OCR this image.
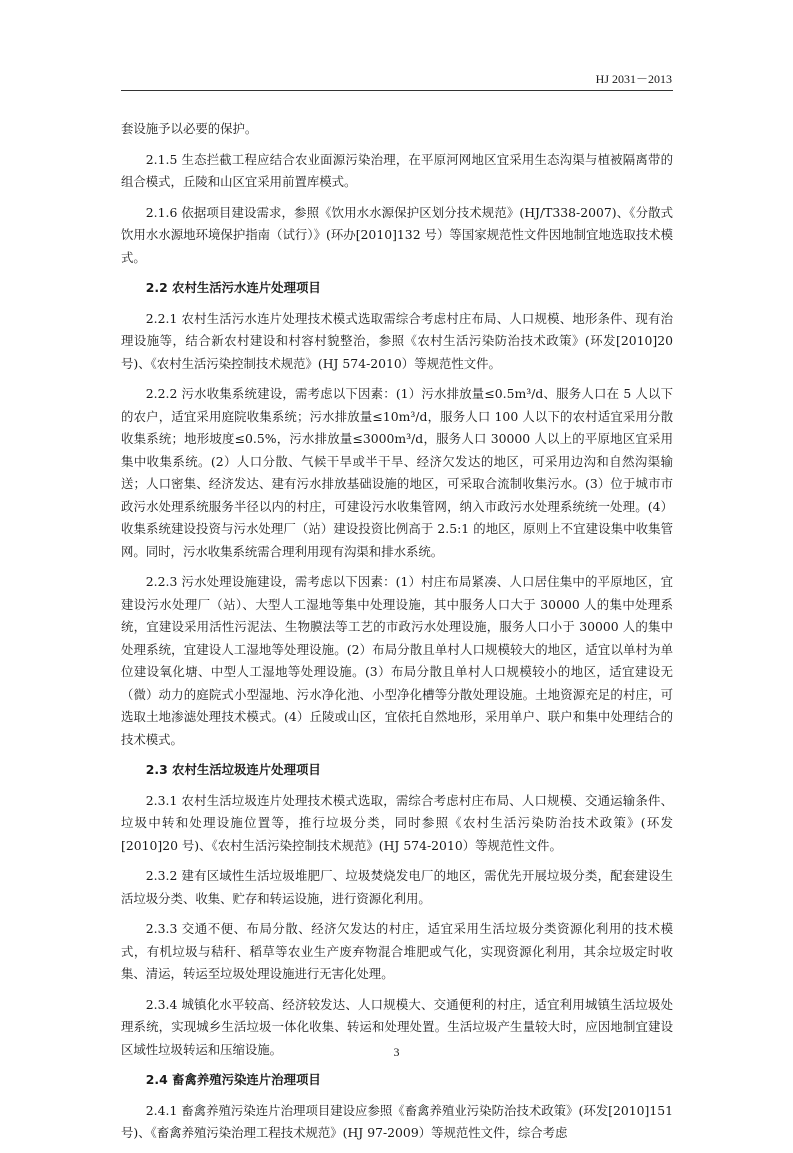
HJ 2031－2013

套设施予以必要的保护。

2.1.5 生态拦截工程应结合农业面源污染治理，在平原河网地区宜采用生态沟渠与植被隔离带的组合模式，丘陵和山区宜采用前置库模式。

2.1.6 依据项目建设需求，参照《饮用水水源保护区划分技术规范》(HJ/T338-2007)、《分散式饮用水水源地环境保护指南（试行）》(环办[2010]132 号）等国家规范性文件因地制宜地选取技术模式。

2.2 农村生活污水连片处理项目

2.2.1 农村生活污水连片处理技术模式选取需综合考虑村庄布局、人口规模、地形条件、现有治理设施等，结合新农村建设和村容村貌整治，参照《农村生活污染防治技术政策》(环发[2010]20 号)、《农村生活污染控制技术规范》(HJ 574-2010）等规范性文件。

2.2.2 污水收集系统建设，需考虑以下因素：(1）污水排放量≤0.5m³/d、服务人口在 5 人以下的农户，适宜采用庭院收集系统；污水排放量≤10m³/d，服务人口 100 人以下的农村适宜采用分散收集系统；地形坡度≤0.5%，污水排放量≤3000m³/d，服务人口 30000 人以上的平原地区宜采用集中收集系统。(2）人口分散、气候干旱或半干旱、经济欠发达的地区，可采用边沟和自然沟渠输送；人口密集、经济发达、建有污水排放基础设施的地区，可采取合流制收集污水。(3）位于城市市政污水处理系统服务半径以内的村庄，可建设污水收集管网，纳入市政污水处理系统统一处理。(4）收集系统建设投资与污水处理厂（站）建设投资比例高于 2.5:1 的地区，原则上不宜建设集中收集管网。同时，污水收集系统需合理利用现有沟渠和排水系统。

2.2.3 污水处理设施建设，需考虑以下因素：(1）村庄布局紧凑、人口居住集中的平原地区，宜建设污水处理厂（站）、大型人工湿地等集中处理设施，其中服务人口大于 30000 人的集中处理系统，宜建设采用活性污泥法、生物膜法等工艺的市政污水处理设施，服务人口小于 30000 人的集中处理系统，宜建设人工湿地等处理设施。(2）布局分散且单村人口规模较大的地区，适宜以单村为单位建设氧化塘、中型人工湿地等处理设施。(3）布局分散且单村人口规模较小的地区，适宜建设无（微）动力的庭院式小型湿地、污水净化池、小型净化槽等分散处理设施。土地资源充足的村庄，可选取土地渗滤处理技术模式。(4）丘陵或山区，宜依托自然地形，采用单户、联户和集中处理结合的技术模式。

2.3 农村生活垃圾连片处理项目

2.3.1 农村生活垃圾连片处理技术模式选取，需综合考虑村庄布局、人口规模、交通运输条件、垃圾中转和处理设施位置等，推行垃圾分类，同时参照《农村生活污染防治技术政策》(环发[2010]20 号)、《农村生活污染控制技术规范》(HJ 574-2010）等规范性文件。

2.3.2 建有区域性生活垃圾堆肥厂、垃圾焚烧发电厂的地区，需优先开展垃圾分类，配套建设生活垃圾分类、收集、贮存和转运设施，进行资源化利用。

2.3.3 交通不便、布局分散、经济欠发达的村庄，适宜采用生活垃圾分类资源化利用的技术模式，有机垃圾与秸秆、稻草等农业生产废弃物混合堆肥或气化，实现资源化利用，其余垃圾定时收集、清运，转运至垃圾处理设施进行无害化处理。

2.3.4 城镇化水平较高、经济较发达、人口规模大、交通便利的村庄，适宜利用城镇生活垃圾处理系统，实现城乡生活垃圾一体化收集、转运和处理处置。生活垃圾产生量较大时，应因地制宜建设区域性垃圾转运和压缩设施。

2.4 畜禽养殖污染连片治理项目

2.4.1 畜禽养殖污染连片治理项目建设应参照《畜禽养殖业污染防治技术政策》(环发[2010]151 号)、《畜禽养殖污染治理工程技术规范》(HJ 97-2009）等规范性文件，综合考虑

3
